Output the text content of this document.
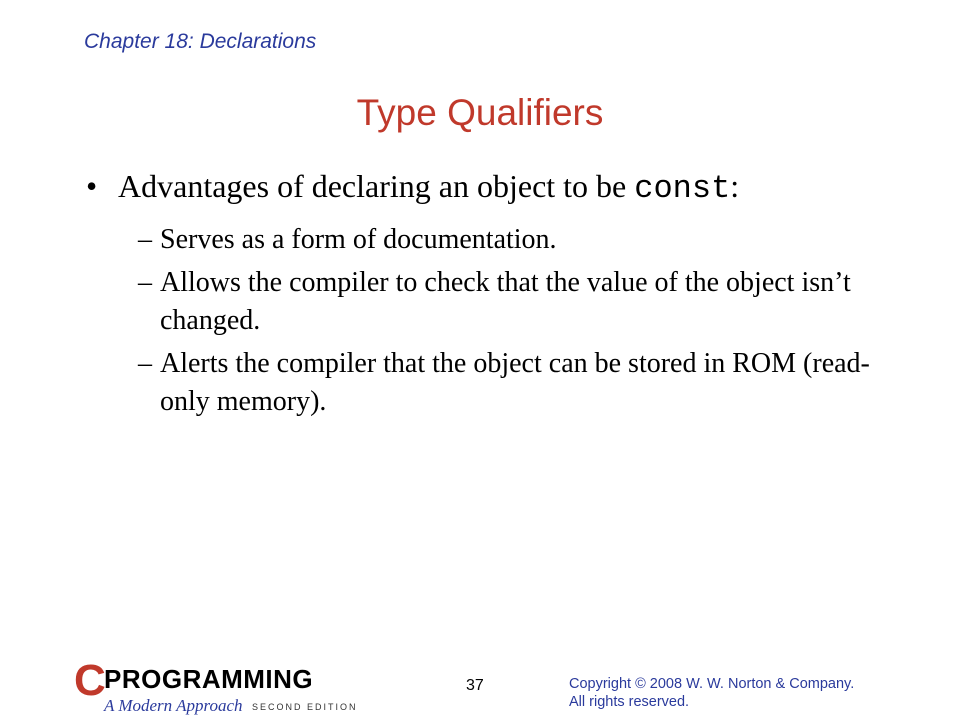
Chapter 18: Declarations
Type Qualifiers
• Advantages of declaring an object to be const:
– Serves as a form of documentation.
– Allows the compiler to check that the value of the object isn’t changed.
– Alerts the compiler that the object can be stored in ROM (read-only memory).
C
PROGRAMMING
A Modern Approach SECOND EDITION
37	Copyright © 2008 W. W. Norton & Company.
All rights reserved.
